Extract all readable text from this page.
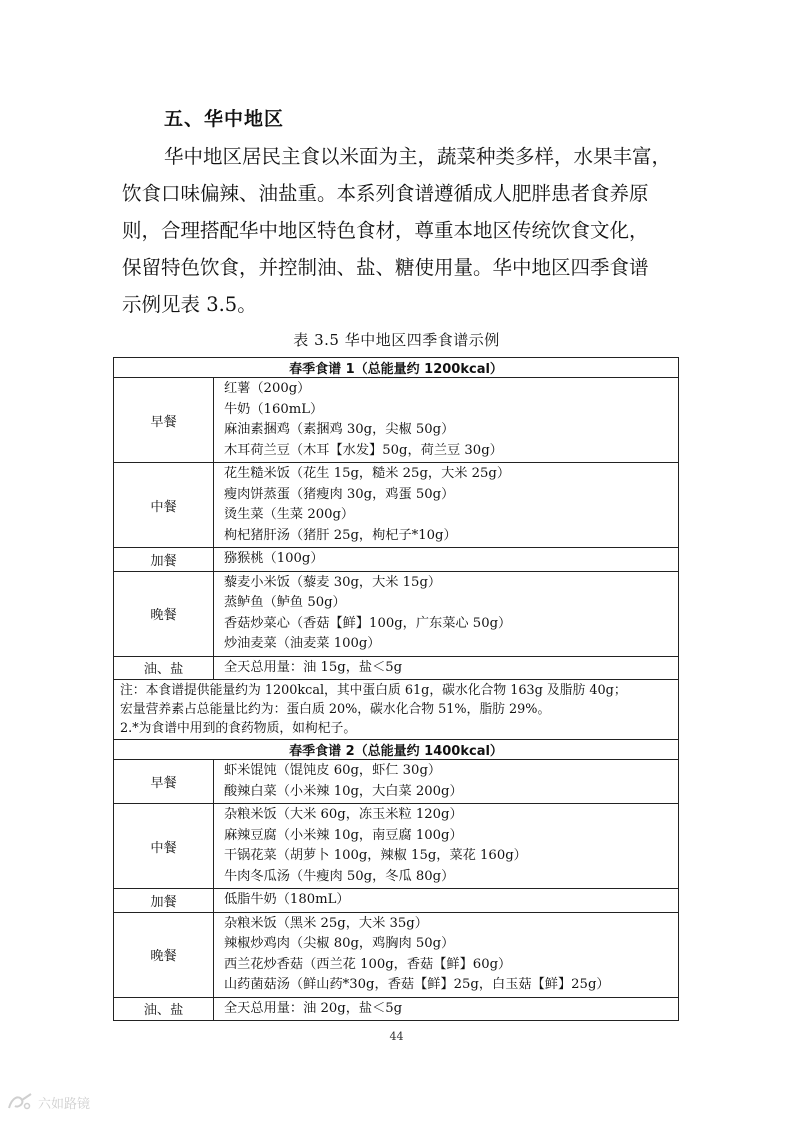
五、华中地区

华中地区居民主食以米面为主，蔬菜种类多样，水果丰富，
饮食口味偏辣、油盐重。本系列食谱遵循成人肥胖患者食养原
则，合理搭配华中地区特色食材，尊重本地区传统饮食文化，
保留特色饮食，并控制油、盐、糖使用量。华中地区四季食谱
示例见表 3.5。

表 3.5 华中地区四季食谱示例
春季食谱 1（总能量约 1200kcal）	
早餐	红薯（200g）
牛奶（160mL）
麻油素捆鸡（素捆鸡 30g，尖椒 50g）
木耳荷兰豆（木耳【水发】50g，荷兰豆 30g）

中餐	花生糙米饭（花生 15g，糙米 25g，大米 25g）
瘦肉饼蒸蛋（猪瘦肉 30g，鸡蛋 50g）
烫生菜（生菜 200g）
枸杞猪肝汤（猪肝 25g，枸杞子*10g）

加餐	猕猴桃（100g）

晚餐	藜麦小米饭（藜麦 30g，大米 15g）
蒸鲈鱼（鲈鱼 50g）
香菇炒菜心（香菇【鲜】100g，广东菜心 50g）
炒油麦菜（油麦菜 100g）

油、盐	全天总用量：油 15g，盐＜5g

注：本食谱提供能量约为 1200kcal，其中蛋白质 61g，碳水化合物 163g 及脂肪 40g；
宏量营养素占总能量比约为：蛋白质 20%，碳水化合物 51%，脂肪 29%。
2.*为食谱中用到的食药物质，如枸杞子。	

春季食谱 2（总能量约 1400kcal）	
早餐	虾米馄饨（馄饨皮 60g，虾仁 30g）
酸辣白菜（小米辣 10g，大白菜 200g）

中餐	杂粮米饭（大米 60g，冻玉米粒 120g）
麻辣豆腐（小米辣 10g，南豆腐 100g）
干锅花菜（胡萝卜 100g，辣椒 15g，菜花 160g）
牛肉冬瓜汤（牛瘦肉 50g，冬瓜 80g）

加餐	低脂牛奶（180mL）

晚餐	杂粮米饭（黑米 25g，大米 35g）
辣椒炒鸡肉（尖椒 80g，鸡胸肉 50g）
西兰花炒香菇（西兰花 100g，香菇【鲜】60g）
山药菌菇汤（鲜山药*30g，香菇【鲜】25g，白玉菇【鲜】25g）

油、盐	全天总用量：油 20g，盐＜5g
44
六如路镜
